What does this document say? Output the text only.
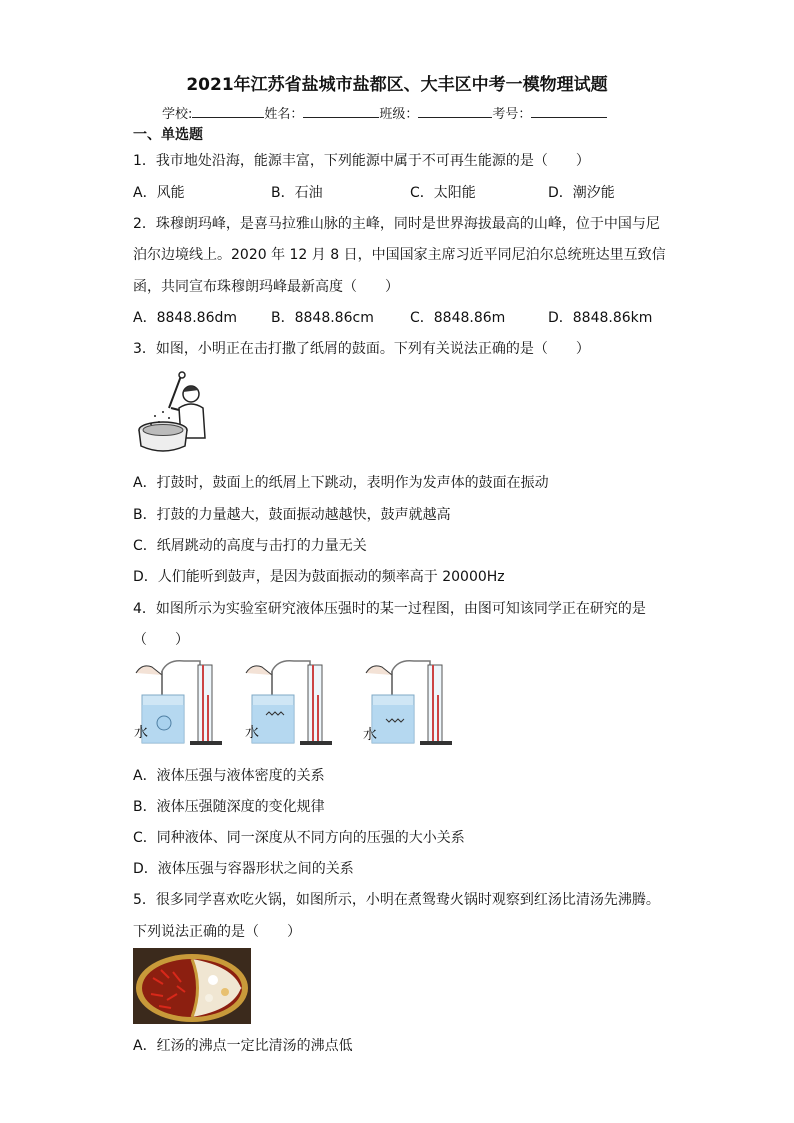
2021年江苏省盐城市盐都区、大丰区中考一模物理试题
学校:	姓名：	班级：	考号：
一、单选题
1．我市地处沿海，能源丰富，下列能源中属于不可再生能源的是（　　）
A．风能	B．石油	C．太阳能	D．潮汐能
2．珠穆朗玛峰，是喜马拉雅山脉的主峰，同时是世界海拔最高的山峰，位于中国与尼
泊尔边境线上。2020 年 12 月 8 日，中国国家主席习近平同尼泊尔总统班达里互致信
函，共同宣布珠穆朗玛峰最新高度（　　）
A．8848.86dm B．8848.86cm	C．8848.86m	D．8848.86km
3．如图，小明正在击打撒了纸屑的鼓面。下列有关说法正确的是（　　）
A．打鼓时，鼓面上的纸屑上下跳动，表明作为发声体的鼓面在振动
B．打鼓的力量越大，鼓面振动越越快，鼓声就越高
C．纸屑跳动的高度与击打的力量无关
D．人们能听到鼓声，是因为鼓面振动的频率高于 20000Hz
4．如图所示为实验室研究液体压强时的某一过程图，由图可知该同学正在研究的是
（　　）
水	水	水
A．液体压强与液体密度的关系
B．液体压强随深度的变化规律
C．同种液体、同一深度从不同方向的压强的大小关系
D．液体压强与容器形状之间的关系
5．很多同学喜欢吃火锅，如图所示，小明在煮鸳鸯火锅时观察到红汤比清汤先沸腾。
下列说法正确的是（　　）
A．红汤的沸点一定比清汤的沸点低
